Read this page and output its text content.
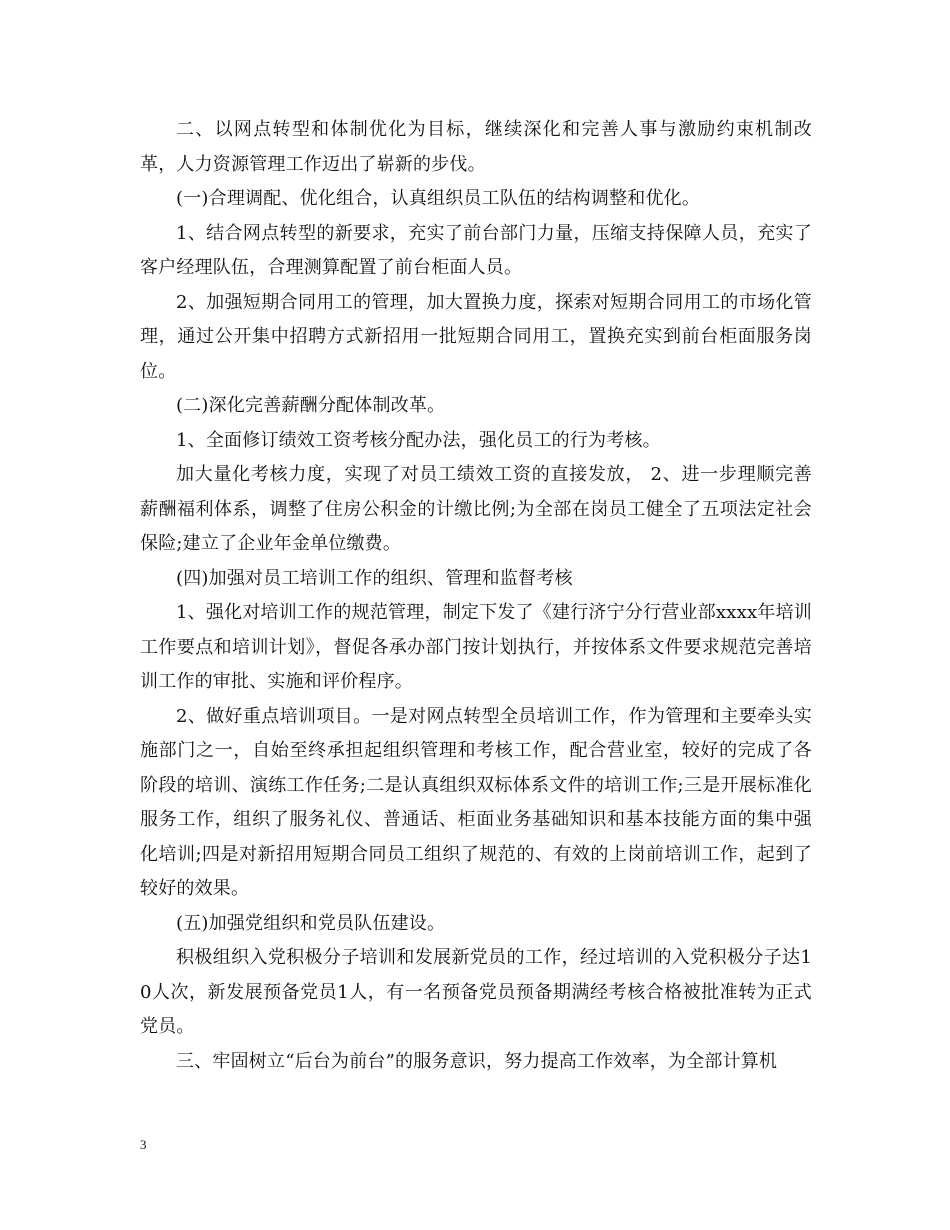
二、以网点转型和体制优化为目标，继续深化和完善人事与激励约束机制改革，人力资源管理工作迈出了崭新的步伐。

(一)合理调配、优化组合，认真组织员工队伍的结构调整和优化。

1、结合网点转型的新要求，充实了前台部门力量，压缩支持保障人员，充实了客户经理队伍，合理测算配置了前台柜面人员。

2、加强短期合同用工的管理，加大置换力度，探索对短期合同用工的市场化管理，通过公开集中招聘方式新招用一批短期合同用工，置换充实到前台柜面服务岗位。

(二)深化完善薪酬分配体制改革。

1、全面修订绩效工资考核分配办法，强化员工的行为考核。

加大量化考核力度，实现了对员工绩效工资的直接发放， 2、进一步理顺完善薪酬福利体系，调整了住房公积金的计缴比例;为全部在岗员工健全了五项法定社会保险;建立了企业年金单位缴费。

(四)加强对员工培训工作的组织、管理和监督考核

1、强化对培训工作的规范管理，制定下发了《建行济宁分行营业部xxxx年培训工作要点和培训计划》，督促各承办部门按计划执行，并按体系文件要求规范完善培训工作的审批、实施和评价程序。

2、做好重点培训项目。一是对网点转型全员培训工作，作为管理和主要牵头实施部门之一，自始至终承担起组织管理和考核工作，配合营业室，较好的完成了各阶段的培训、演练工作任务;二是认真组织双标体系文件的培训工作;三是开展标准化服务工作，组织了服务礼仪、普通话、柜面业务基础知识和基本技能方面的集中强化培训;四是对新招用短期合同员工组织了规范的、有效的上岗前培训工作，起到了较好的效果。

(五)加强党组织和党员队伍建设。

积极组织入党积极分子培训和发展新党员的工作，经过培训的入党积极分子达10人次，新发展预备党员1人，有一名预备党员预备期满经考核合格被批准转为正式党员。

三、牢固树立“后台为前台”的服务意识，努力提高工作效率，为全部计算机

3
